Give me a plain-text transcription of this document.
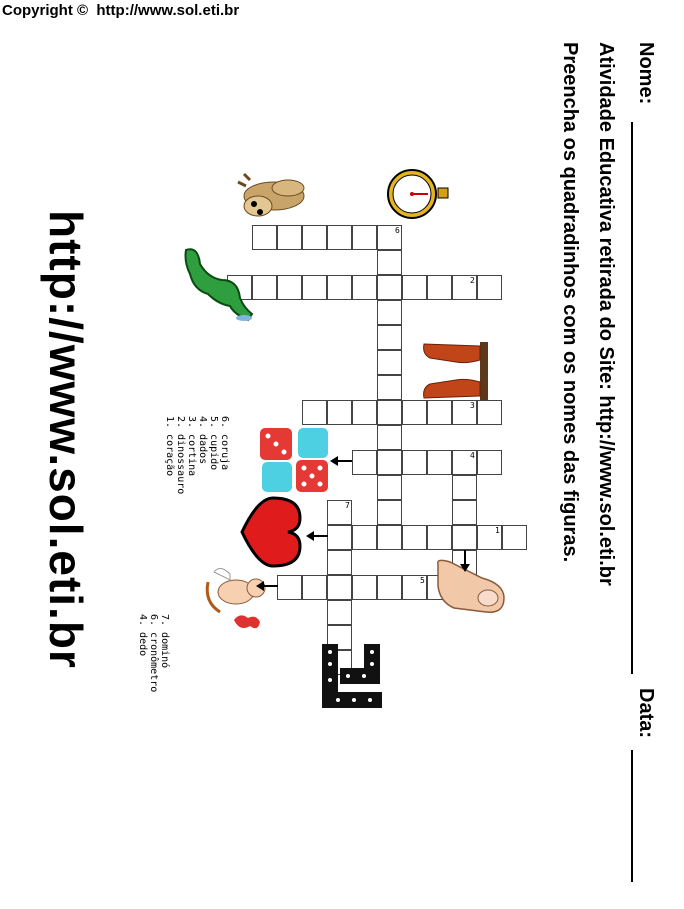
Copyright ©  http://www.sol.eti.br
Nome:
Data:
Atividade Educativa retirada do Site: http://www.sol.eti.br
Preencha os quadradinhos com os nomes das figuras.
http://www.sol.eti.br	1
2
3
4
5
6
7
1. coração 2. dinossauro 3. cortina 4. dados 5. cupido 6. coruja
4. dedo 6. cronômetro 7. dominó
